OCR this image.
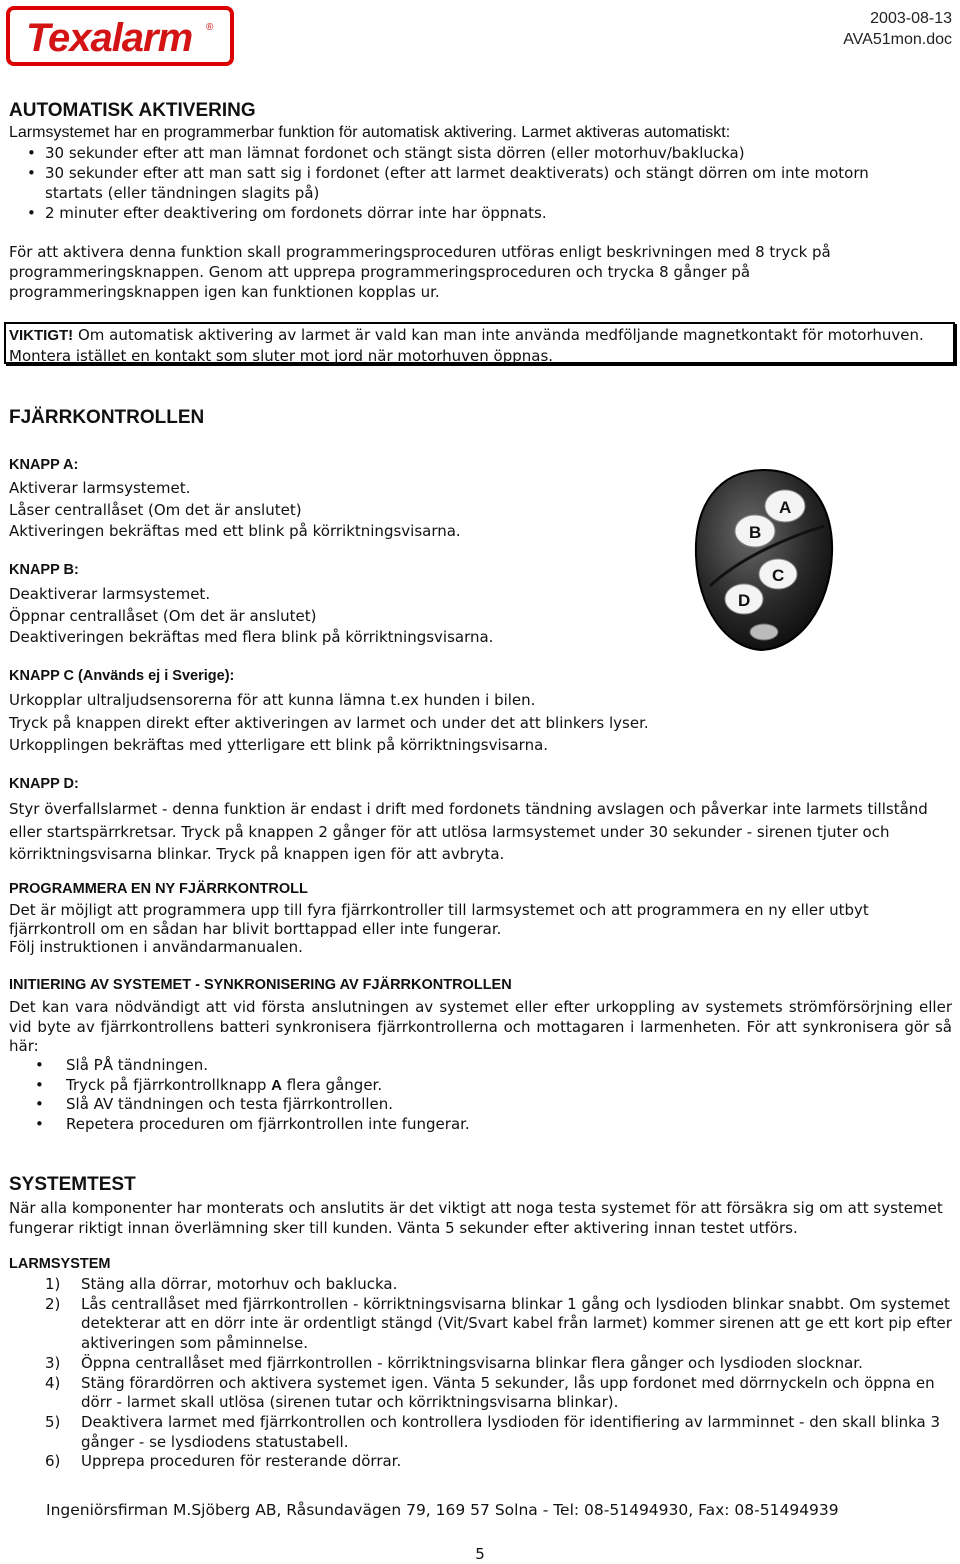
Texalarm ®
2003-08-13
AVA51mon.doc
AUTOMATISK AKTIVERING
Larmsystemet har en programmerbar funktion för automatisk aktivering. Larmet aktiveras automatiskt:
• 30 sekunder efter att man lämnat fordonet och stängt sista dörren (eller motorhuv/baklucka)
• 30 sekunder efter att man satt sig i fordonet (efter att larmet deaktiverats) och stängt dörren om inte motorn startats (eller tändningen slagits på)
• 2 minuter efter deaktivering om fordonets dörrar inte har öppnats.
För att aktivera denna funktion skall programmeringsproceduren utföras enligt beskrivningen med 8 tryck på programmeringsknappen. Genom att upprepa programmeringsproceduren och trycka 8 gånger på programmeringsknappen igen kan funktionen kopplas ur.
VIKTIGT! Om automatisk aktivering av larmet är vald kan man inte använda medföljande magnetkontakt för motorhuven. Montera istället en kontakt som sluter mot jord när motorhuven öppnas.
FJÄRRKONTROLLEN
KNAPP A:
Aktiverar larmsystemet.
Låser centrallåset (Om det är anslutet)
Aktiveringen bekräftas med ett blink på körriktningsvisarna.
KNAPP B:
Deaktiverar larmsystemet.
Öppnar centrallåset (Om det är anslutet)
Deaktiveringen bekräftas med flera blink på körriktningsvisarna.
KNAPP C (Används ej i Sverige):
Urkopplar ultraljudsensorerna för att kunna lämna t.ex hunden i bilen.
Tryck på knappen direkt efter aktiveringen av larmet och under det att blinkers lyser.
Urkopplingen bekräftas med ytterligare ett blink på körriktningsvisarna.
KNAPP D:
Styr överfallslarmet - denna funktion är endast i drift med fordonets tändning avslagen och påverkar inte larmets tillstånd eller startspärrkretsar. Tryck på knappen 2 gånger för att utlösa larmsystemet under 30 sekunder - sirenen tjuter och körriktningsvisarna blinkar. Tryck på knappen igen för att avbryta.
B
A
C
D
PROGRAMMERA EN NY FJÄRRKONTROLL
Det är möjligt att programmera upp till fyra fjärrkontroller till larmsystemet och att programmera en ny eller utbyt fjärrkontroll om en sådan har blivit borttappad eller inte fungerar.
Följ instruktionen i användarmanualen.
INITIERING AV SYSTEMET - SYNKRONISERING AV FJÄRRKONTROLLEN
Det kan vara nödvändigt att vid första anslutningen av systemet eller efter urkoppling av systemets strömförsörjning eller vid byte av fjärrkontrollens batteri synkronisera fjärrkontrollerna och mottagaren i larmenheten. För att synkronisera gör så här:
• Slå PÅ tändningen.
• Tryck på fjärrkontrollknapp A flera gånger.
• Slå AV tändningen och testa fjärrkontrollen.
• Repetera proceduren om fjärrkontrollen inte fungerar.
SYSTEMTEST
När alla komponenter har monterats och anslutits är det viktigt att noga testa systemet för att försäkra sig om att systemet fungerar riktigt innan överlämning sker till kunden. Vänta 5 sekunder efter aktivering innan testet utförs.
LARMSYSTEM
1) Stäng alla dörrar, motorhuv och baklucka.
2) Lås centrallåset med fjärrkontrollen - körriktningsvisarna blinkar 1 gång och lysdioden blinkar snabbt. Om systemet detekterar att en dörr inte är ordentligt stängd (Vit/Svart kabel från larmet) kommer sirenen att ge ett kort pip efter aktiveringen som påminnelse.
3) Öppna centrallåset med fjärrkontrollen - körriktningsvisarna blinkar flera gånger och lysdioden slocknar.
4) Stäng förardörren och aktivera systemet igen. Vänta 5 sekunder, lås upp fordonet med dörrnyckeln och öppna en dörr - larmet skall utlösa (sirenen tutar och körriktningsvisarna blinkar).
5) Deaktivera larmet med fjärrkontrollen och kontrollera lysdioden för identifiering av larmminnet - den skall blinka 3 gånger - se lysdiodens statustabell.
6) Upprepa proceduren för resterande dörrar.
Ingeniörsfirman M.Sjöberg AB, Råsundavägen 79, 169 57 Solna - Tel: 08-51494930, Fax: 08-51494939
5
